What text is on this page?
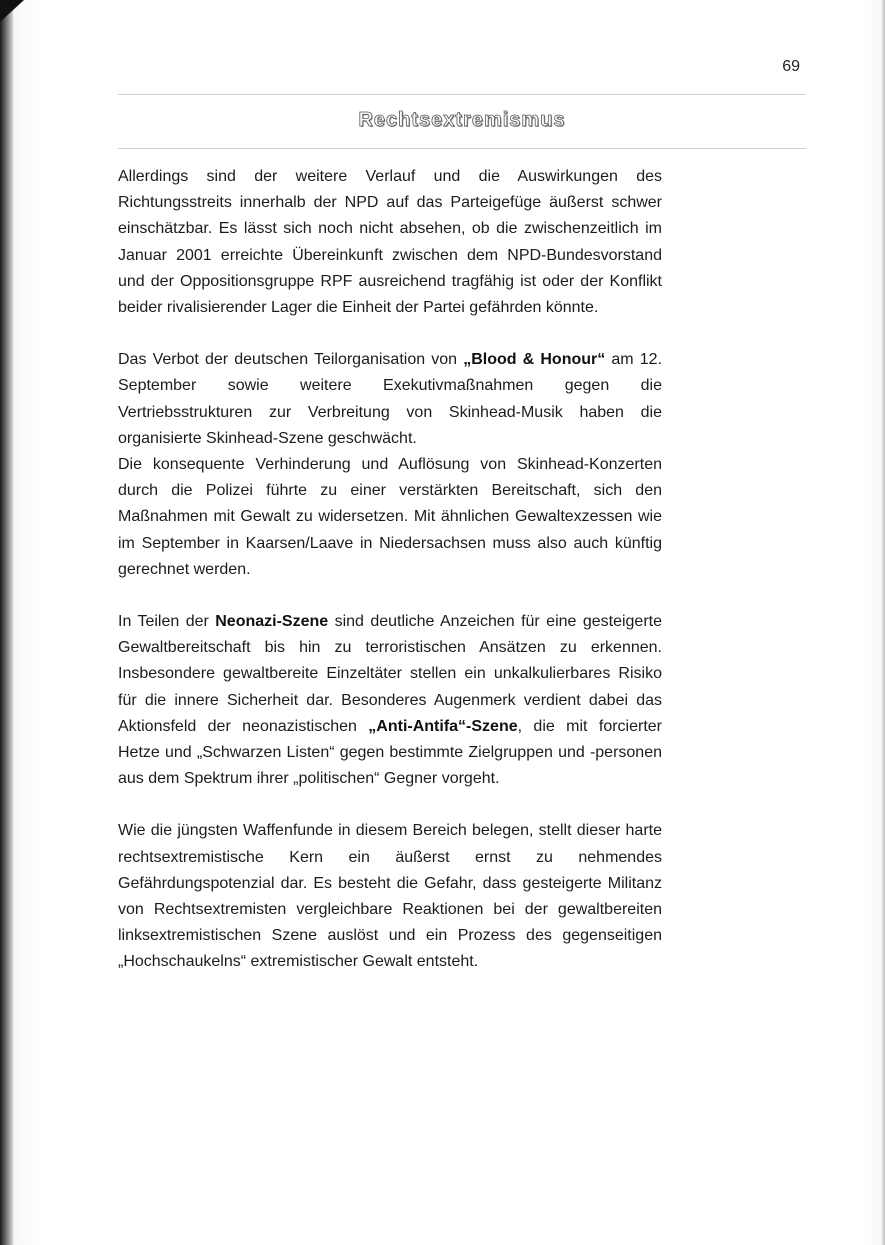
69
Rechtsextremismus

Allerdings sind der weitere Verlauf und die Auswirkungen des Richtungsstreits innerhalb der NPD auf das Parteigefüge äußerst schwer einschätzbar. Es lässt sich noch nicht absehen, ob die zwischenzeitlich im Januar 2001 erreichte Übereinkunft zwischen dem NPD-Bundesvorstand und der Oppositionsgruppe RPF ausreichend tragfähig ist oder der Konflikt beider rivalisierender Lager die Einheit der Partei gefährden könnte.

Das Verbot der deutschen Teilorganisation von „Blood & Honour“ am 12. September sowie weitere Exekutivmaßnahmen gegen die Vertriebsstrukturen zur Verbreitung von Skinhead-Musik haben die organisierte Skinhead-Szene geschwächt.

Die konsequente Verhinderung und Auflösung von Skinhead-Konzerten durch die Polizei führte zu einer verstärkten Bereitschaft, sich den Maßnahmen mit Gewalt zu widersetzen. Mit ähnlichen Gewaltexzessen wie im September in Kaarsen/Laave in Niedersachsen muss also auch künftig gerechnet werden.

In Teilen der Neonazi-Szene sind deutliche Anzeichen für eine gesteigerte Gewaltbereitschaft bis hin zu terroristischen Ansätzen zu erkennen. Insbesondere gewaltbereite Einzeltäter stellen ein unkalkulierbares Risiko für die innere Sicherheit dar. Besonderes Augenmerk verdient dabei das Aktionsfeld der neonazistischen „Anti-Antifa“-Szene, die mit forcierter Hetze und „Schwarzen Listen“ gegen bestimmte Zielgruppen und -personen aus dem Spektrum ihrer „politischen“ Gegner vorgeht.

Wie die jüngsten Waffenfunde in diesem Bereich belegen, stellt dieser harte rechtsextremistische Kern ein äußerst ernst zu nehmendes Gefährdungspotenzial dar. Es besteht die Gefahr, dass gesteigerte Militanz von Rechtsextremisten vergleichbare Reaktionen bei der gewaltbereiten linksextremistischen Szene auslöst und ein Prozess des gegenseitigen „Hochschaukelns“ extremistischer Gewalt entsteht.
